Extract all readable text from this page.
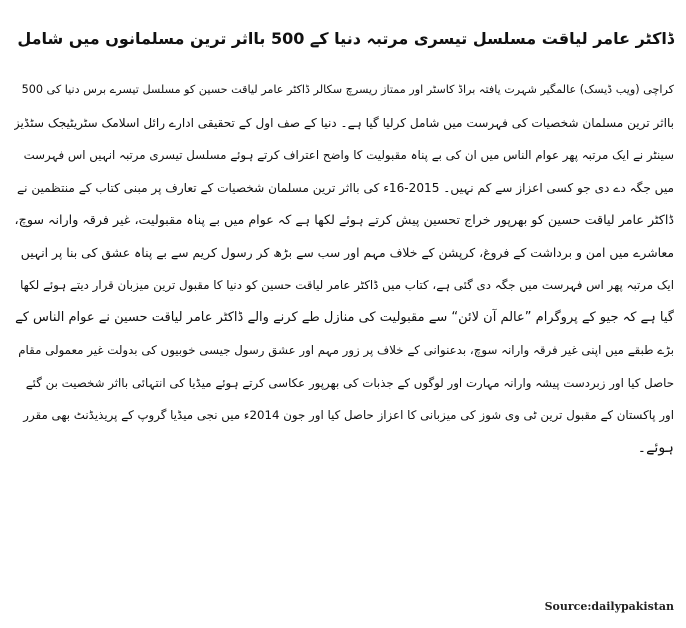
ڈاکٹر عامر لیاقت مسلسل تیسری مرتبہ دنیا کے 500 بااثر ترین مسلمانوں میں شامل
کراچی (ویب ڈیسک) عالمگیر شہرت یافتہ براڈ کاسٹر اور ممتاز ریسرچ سکالر ڈاکٹر عامر لیاقت حسین کو مسلسل تیسرے برس دنیا کی 500
بااثر ترین مسلمان شخصیات کی فہرست میں شامل کرلیا گیا ہے۔ دنیا کے صف اول کے تحقیقی ادارے رائل اسلامک سٹریٹیجک سٹڈیز
سینٹر نے ایک مرتبہ پھر عوام الناس میں ان کی بے پناہ مقبولیت کا واضح اعتراف کرتے ہوئے مسلسل تیسری مرتبہ انہیں اس فہرست
میں جگہ دے دی جو کسی اعزاز سے کم نہیں۔ 2015-16ء کی بااثر ترین مسلمان شخصیات کے تعارف پر مبنی کتاب کے منتظمین نے
ڈاکٹر عامر لیاقت حسین کو بھرپور خراج تحسین پیش کرتے ہوئے لکھا ہے کہ عوام میں بے پناہ مقبولیت، غیر فرقہ وارانہ سوچ،
معاشرے میں امن و برداشت کے فروغ، کرپشن کے خلاف مہم اور سب سے بڑھ کر رسول کریم سے بے پناہ عشق کی بنا پر انہیں
ایک مرتبہ پھر اس فہرست میں جگہ دی گئی ہے، کتاب میں ڈاکٹر عامر لیاقت حسین کو دنیا کا مقبول ترین میزبان قرار دیتے ہوئے لکھا
گیا ہے کہ جیو کے پروگرام ”عالم آن لائن“ سے مقبولیت کی منازل طے کرنے والے ڈاکٹر عامر لیاقت حسین نے عوام الناس کے
بڑے طبقے میں اپنی غیر فرقہ وارانہ سوچ، بدعنوانی کے خلاف پر زور مہم اور عشق رسول جیسی خوبیوں کی بدولت غیر معمولی مقام
حاصل کیا اور زبردست پیشہ وارانہ مہارت اور لوگوں کے جذبات کی بھرپور عکاسی کرتے ہوئے میڈیا کی انتہائی بااثر شخصیت بن گئے
اور پاکستان کے مقبول ترین ٹی وی شوز کی میزبانی کا اعزاز حاصل کیا اور جون 2014ء میں نجی میڈیا گروپ کے پریذیڈنٹ بھی مقرر
ہوئے۔
Source:dailypakistan
